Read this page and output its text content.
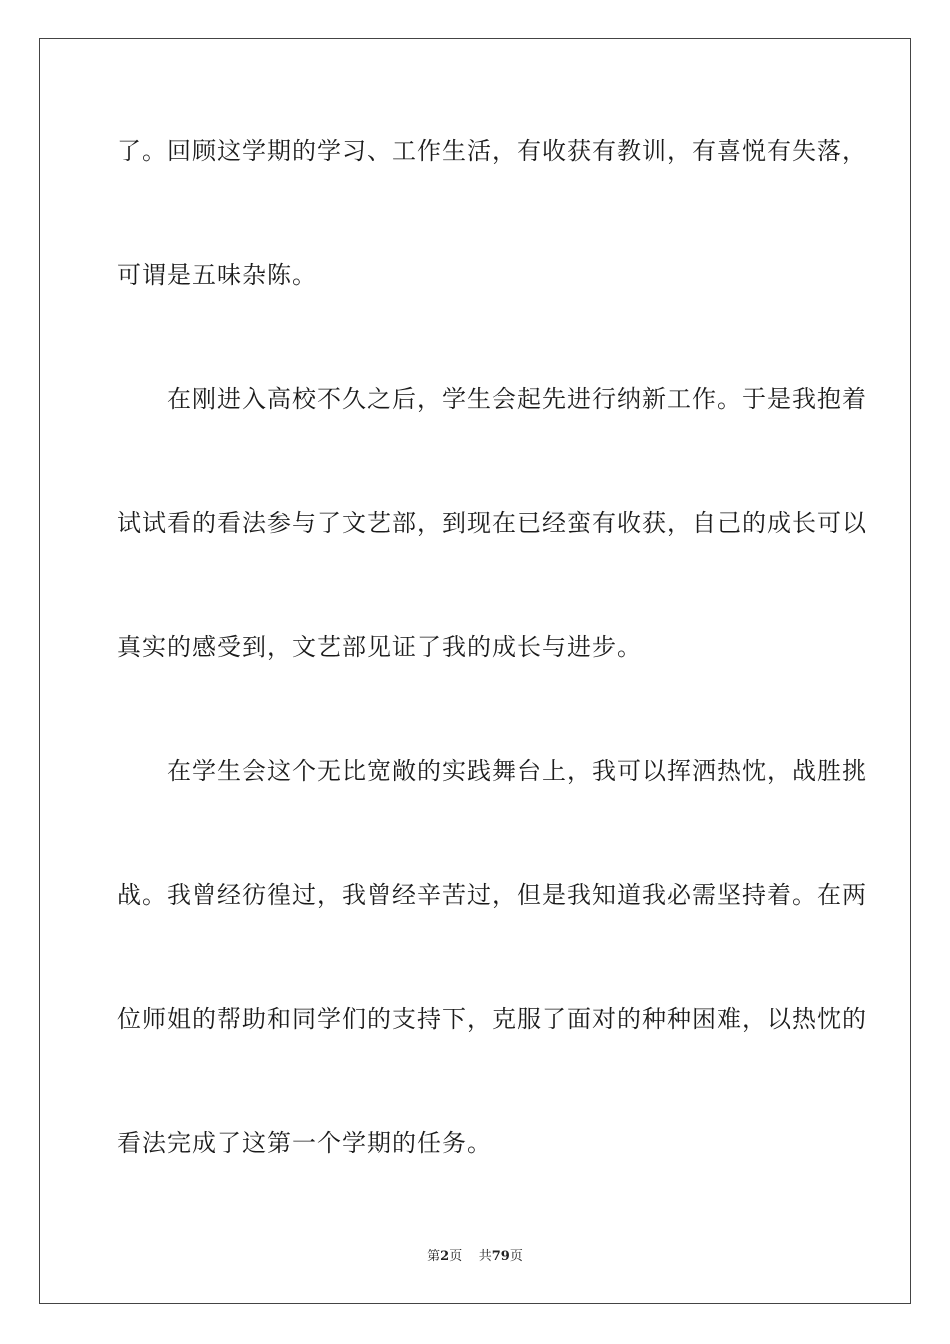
了。回顾这学期的学习、工作生活，有收获有教训，有喜悦有失落，
可谓是五味杂陈。
　　在刚进入高校不久之后，学生会起先进行纳新工作。于是我抱着
试试看的看法参与了文艺部，到现在已经蛮有收获，自己的成长可以
真实的感受到，文艺部见证了我的成长与进步。
　　在学生会这个无比宽敞的实践舞台上，我可以挥洒热忱，战胜挑
战。我曾经彷徨过，我曾经辛苦过，但是我知道我必需坚持着。在两
位师姐的帮助和同学们的支持下，克服了面对的种种困难，以热忱的
看法完成了这第一个学期的任务。
第2页 共79页
